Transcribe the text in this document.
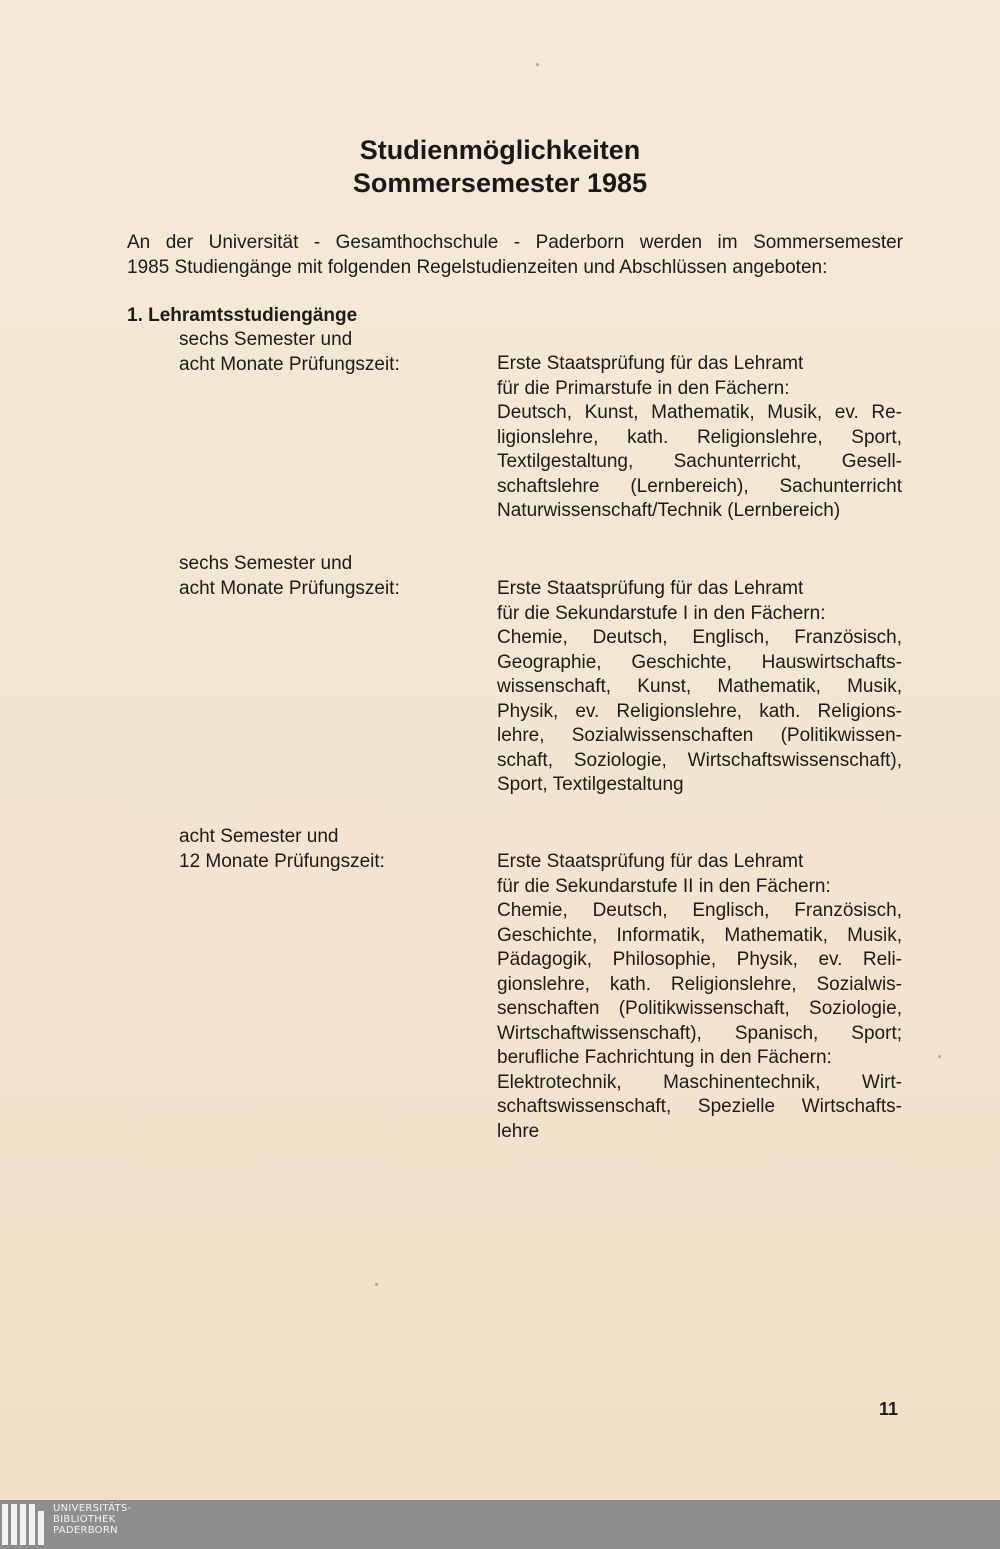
Studienmöglichkeiten
Sommersemester 1985
An der Universität - Gesamthochschule - Paderborn werden im Sommersemester
1985 Studiengänge mit folgenden Regelstudienzeiten und Abschlüssen angeboten:
1. Lehramtsstudiengänge
sechs Semester und
acht Monate Prüfungszeit:	Erste Staatsprüfung für das Lehramt
für die Primarstufe in den Fächern:
Deutsch, Kunst, Mathematik, Musik, ev. Re-
ligionslehre, kath. Religionslehre, Sport,
Textilgestaltung, Sachunterricht, Gesell-
schaftslehre (Lernbereich), Sachunterricht
Naturwissenschaft/Technik (Lernbereich)
sechs Semester und
acht Monate Prüfungszeit:	Erste Staatsprüfung für das Lehramt
für die Sekundarstufe I in den Fächern:
Chemie, Deutsch, Englisch, Französisch,
Geographie, Geschichte, Hauswirtschafts-
wissenschaft, Kunst, Mathematik, Musik,
Physik, ev. Religionslehre, kath. Religions-
lehre, Sozialwissenschaften (Politikwissen-
schaft, Soziologie, Wirtschaftswissenschaft),
Sport, Textilgestaltung
acht Semester und
12 Monate Prüfungszeit:	Erste Staatsprüfung für das Lehramt
für die Sekundarstufe II in den Fächern:
Chemie, Deutsch, Englisch, Französisch,
Geschichte, Informatik, Mathematik, Musik,
Pädagogik, Philosophie, Physik, ev. Reli-
gionslehre, kath. Religionslehre, Sozialwis-
senschaften (Politikwissenschaft, Soziologie,
Wirtschaftwissenschaft), Spanisch, Sport;
berufliche Fachrichtung in den Fächern:
Elektrotechnik, Maschinentechnik, Wirt-
schaftswissenschaft, Spezielle Wirtschafts-
lehre
11
UNIVERSITÄTS-
BIBLIOTHEK
PADERBORN
